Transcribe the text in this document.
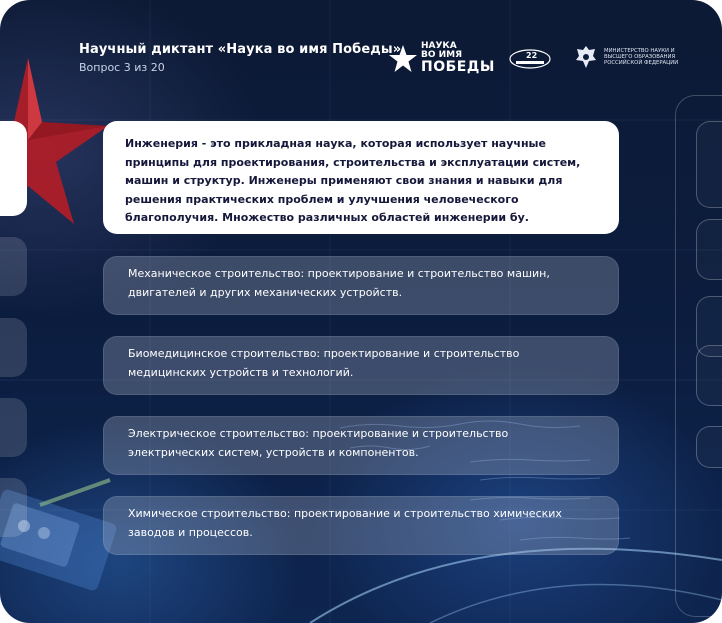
Научный диктант «Наука во имя Победы»
Вопрос 3 из 20
НАУКА
ВО ИМЯ
ПОБЕДЫ
22	МИНИСТЕРСТВО НАУКИ И ВЫСШЕГО ОБРАЗОВАНИЯ РОССИЙСКОЙ ФЕДЕРАЦИИ

Инженерия - это прикладная наука, которая использует научные принципы для проектирования, строительства и эксплуатации систем, машин и структур. Инженеры применяют свои знания и навыки для решения практических проблем и улучшения человеческого благополучия. Множество различных областей инженерии бу.

Механическое строительство: проектирование и строительство машин, двигателей и других механических устройств.

Биомедицинское строительство: проектирование и строительство медицинских устройств и технологий.

Электрическое строительство: проектирование и строительство электрических систем, устройств и компонентов.

Химическое строительство: проектирование и строительство химических заводов и процессов.
